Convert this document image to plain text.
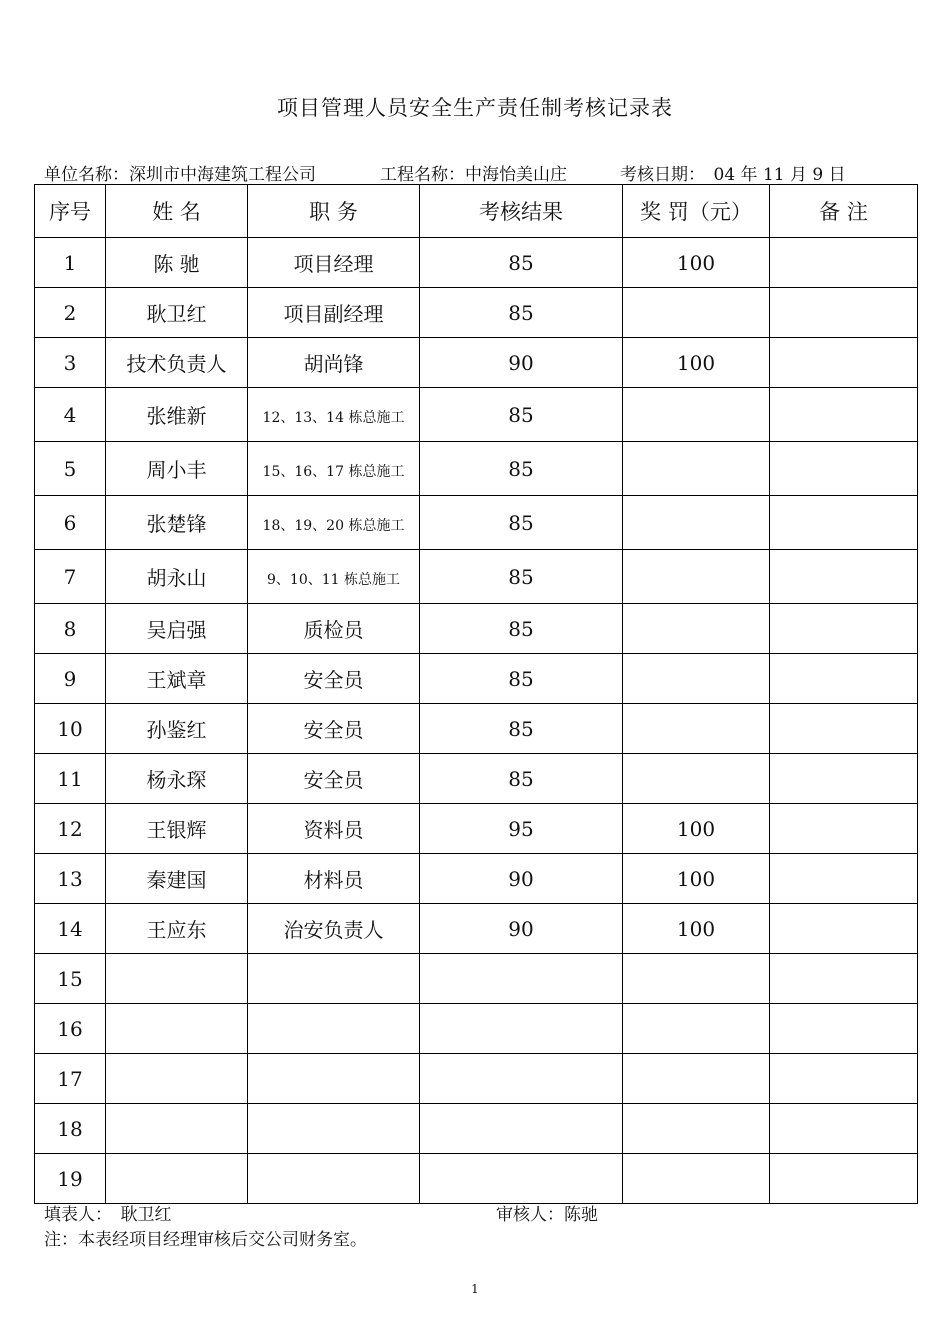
项目管理人员安全生产责任制考核记录表
单位名称：深圳市中海建筑工程公司	工程名称：中海怡美山庄	考核日期：　04 年 11 月 9 日
序号	姓 名	职 务	考核结果	奖 罚（元）	备 注
1	陈 驰	项目经理	85	100	
2	耿卫红	项目副经理	85		
3	技术负责人	胡尚锋	90	100	
4	张维新	12、13、14 栋总施工	85		
5	周小丰	15、16、17 栋总施工	85		
6	张楚锋	18、19、20 栋总施工	85		
7	胡永山	9、10、11 栋总施工	85		
8	吴启强	质检员	85		
9	王斌章	安全员	85		
10	孙鉴红	安全员	85		
11	杨永琛	安全员	85		
12	王银辉	资料员	95	100	
13	秦建国	材料员	90	100	
14	王应东	治安负责人	90	100	
15					
16					
17					
18					
19					
填表人：　耿卫红	审核人：陈驰
注：本表经项目经理审核后交公司财务室。
1
